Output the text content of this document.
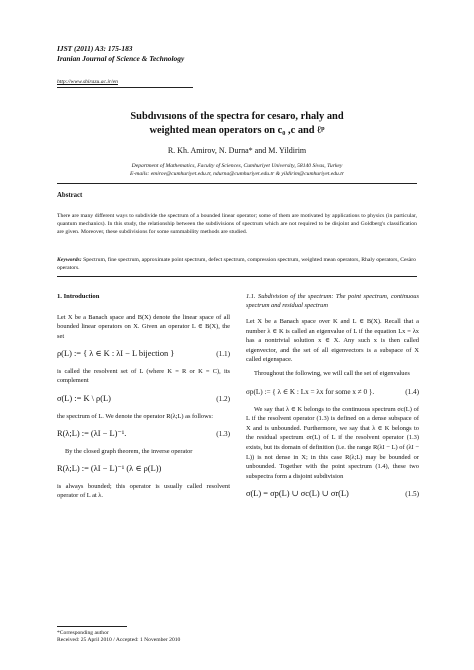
IJST (2011) A3: 175-183
Iranian Journal of Science & Technology
http://www.shirazu.ac.ir/en
Subdıvısıons of the spectra for cesaro, rhaly and
weighted mean operators on c₀ ,c and ℓᵖ
R. Kh. Amirov, N. Durna* and M. Yildirim
Department of Mathematics, Faculty of Sciences, Cumhuriyet University, 58140 Sivas, Turkey
E-mails: emirov@cumhuriyet.edu.tr, ndurna@cumhuriyet.edu.tr & yildirim@cumhuriyet.edu.tr
Abstract
There are many different ways to subdivide the spectrum of a bounded linear operator; some of them are motivated by applications to physics (in particular, quantum mechanics). In this study, the relationship between the subdivisions of spectrum which are not required to be disjoint and Goldberg's classification are given. Moreover, these subdivisions for some summability methods are studied.
Keywords: Spectrum, fine spectrum, approximate point spectrum, defect spectrum, compression spectrum, weighted mean operators, Rhaly operators, Cesàro operators.

1. Introduction

Let X be a Banach space and B(X) denote the linear space of all bounded linear operators on X. Given an operator L ∈ B(X), the set

ρ(L) := { λ ∈ K : λI − L bijection }	(1.1)

is called the resolvent set of L (where K = R or K = C), its complement

σ(L) := K \ ρ(L)	(1.2)

the spectrum of L. We denote the operator R(λ;L) as follows:

R(λ;L) := (λI − L)⁻¹.	(1.3)

By the closed graph theorem, the inverse operator

R(λ;L) := (λI − L)⁻¹ (λ ∈ ρ(L))

is always bounded; this operator is usually called resolvent operator of L at λ.

1.1. Subdivision of the spectrum: The point spectrum, continuous spectrum and residual spectrum

Let X be a Banach space over K and L ∈ B(X). Recall that a number λ ∈ K is called an eigenvalue of L if the equation Lx = λx has a nontrivial solution x ∈ X. Any such x is then called eigenvector, and the set of all eigenvectors is a subspace of X called eigenspace.

Throughout the following, we will call the set of eigenvalues

σp(L) := { λ ∈ K : Lx = λx for some x ≠ 0 }.	(1.4)

We say that λ ∈ K belongs to the continuous spectrum σc(L) of L if the resolvent operator (1.3) is defined on a dense subspace of X and is unbounded. Furthermore, we say that λ ∈ K belongs to the residual spectrum σr(L) of L if the resolvent operator (1.3) exists, but its domain of definition (i.e. the range R(λI − L) of (λI − L)) is not dense in X; in this case R(λ;L) may be bounded or unbounded. Together with the point spectrum (1.4), these two subspectra form a disjoint subdivision

σ(L) = σp(L) ∪ σc(L) ∪ σr(L)	(1.5)
*Corresponding author
Received: 25 April 2010 / Accepted: 1 November 2010
